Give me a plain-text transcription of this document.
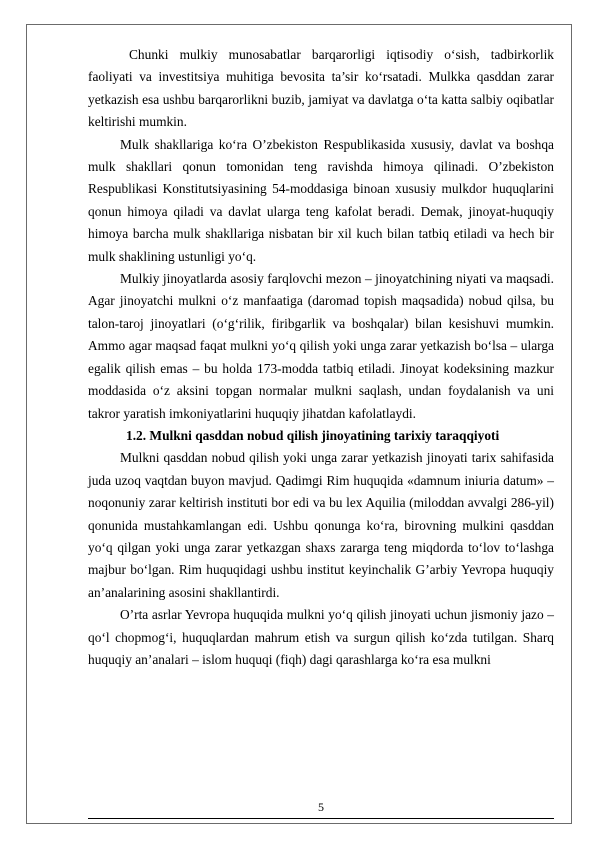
Chunki mulkiy munosabatlar barqarorligi iqtisodiy o‘sish, tadbirkorlik faoliyati va investitsiya muhitiga bevosita ta’sir ko‘rsatadi. Mulkka qasddan zarar yetkazish esa ushbu barqarorlikni buzib, jamiyat va davlatga o‘ta katta salbiy oqibatlar keltirishi mumkin.

Mulk shakllariga ko‘ra O’zbekiston Respublikasida xususiy, davlat va boshqa mulk shakllari qonun tomonidan teng ravishda himoya qilinadi. O’zbekiston Respublikasi Konstitutsiyasining 54-moddasiga binoan xususiy mulkdor huquqlarini qonun himoya qiladi va davlat ularga teng kafolat beradi. Demak, jinoyat-huquqiy himoya barcha mulk shakllariga nisbatan bir xil kuch bilan tatbiq etiladi va hech bir mulk shaklining ustunligi yo‘q.

Mulkiy jinoyatlarda asosiy farqlovchi mezon – jinoyatchining niyati va maqsadi. Agar jinoyatchi mulkni o‘z manfaatiga (daromad topish maqsadida) nobud qilsa, bu talon-taroj jinoyatlari (o‘g‘rilik, firibgarlik va boshqalar) bilan kesishuvi mumkin. Ammo agar maqsad faqat mulkni yo‘q qilish yoki unga zarar yetkazish bo‘lsa – ularga egalik qilish emas – bu holda 173-modda tatbiq etiladi. Jinoyat kodeksining mazkur moddasida o‘z aksini topgan normalar mulkni saqlash, undan foydalanish va uni takror yaratish imkoniyatlarini huquqiy jihatdan kafolatlaydi.

1.2. Mulkni qasddan nobud qilish jinoyatining tarixiy taraqqiyoti

Mulkni qasddan nobud qilish yoki unga zarar yetkazish jinoyati tarix sahifasida juda uzoq vaqtdan buyon mavjud. Qadimgi Rim huquqida «damnum iniuria datum» – noqonuniy zarar keltirish instituti bor edi va bu lex Aquilia (miloddan avvalgi 286-yil) qonunida mustahkamlangan edi. Ushbu qonunga ko‘ra, birovning mulkini qasddan yo‘q qilgan yoki unga zarar yetkazgan shaxs zararga teng miqdorda to‘lov to‘lashga majbur bo‘lgan. Rim huquqidagi ushbu institut keyinchalik G’arbiy Yevropa huquqiy an’analarining asosini shakllantirdi.

O’rta asrlar Yevropa huquqida mulkni yo‘q qilish jinoyati uchun jismoniy jazo – qo‘l chopmog‘i, huquqlardan mahrum etish va surgun qilish ko‘zda tutilgan. Sharq huquqiy an’analari – islom huquqi (fiqh) dagi qarashlarga ko‘ra esa mulkni

5
